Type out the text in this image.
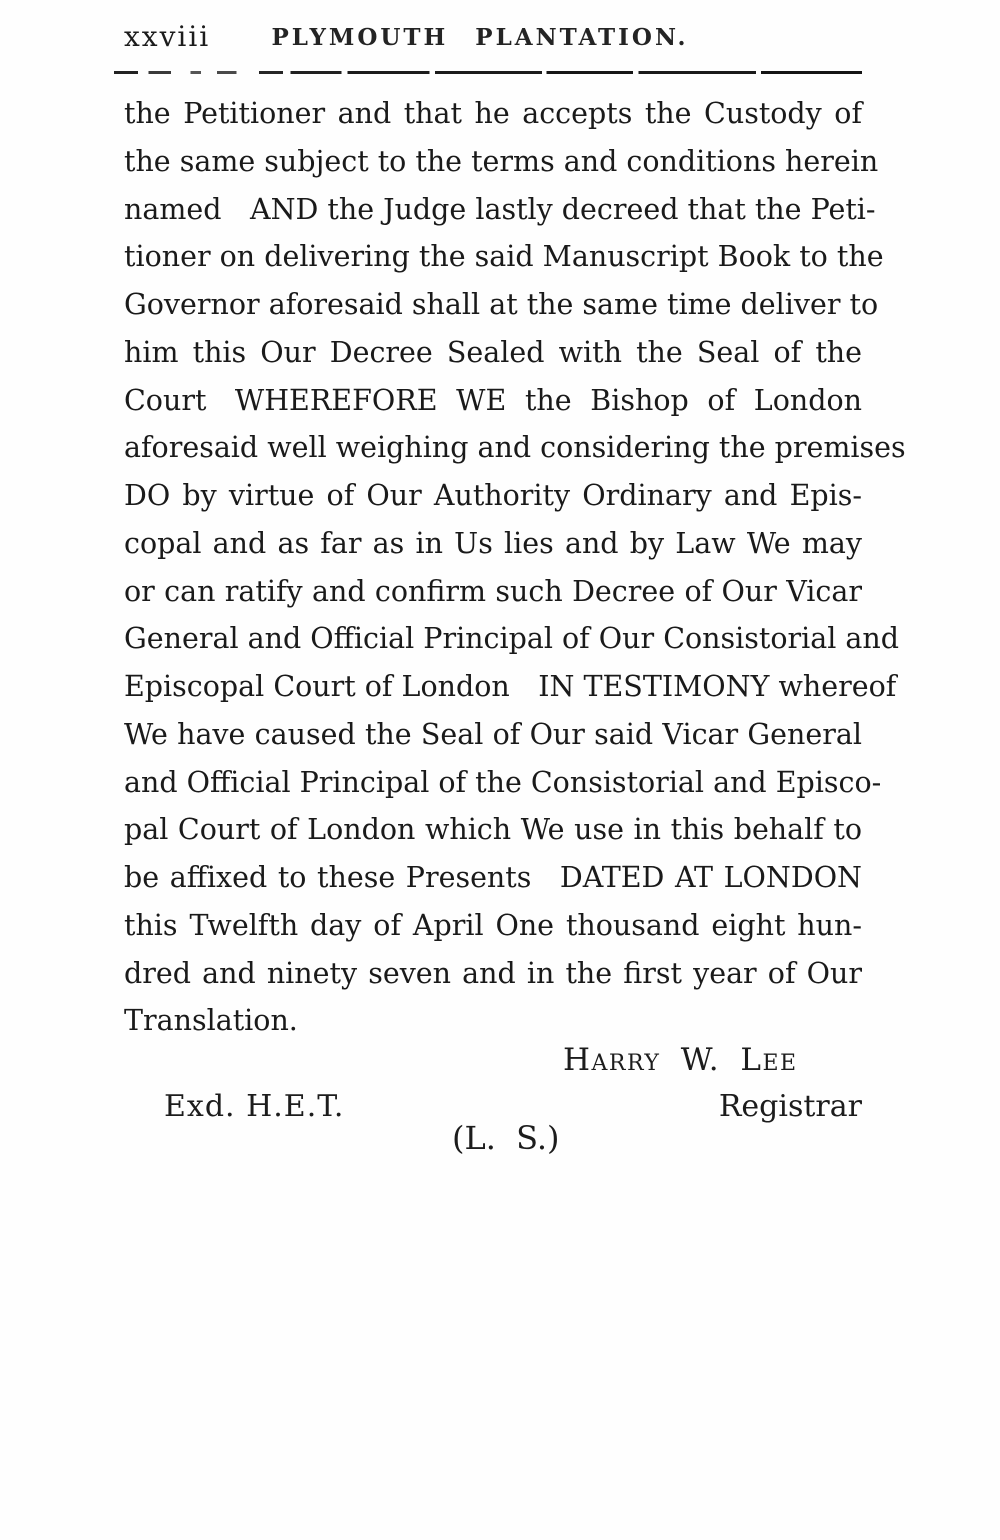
xxviii	PLYMOUTH PLANTATION.

the Petitioner and that he accepts the Custody of

the same subject to the terms and conditions herein

named AND the Judge lastly decreed that the Peti-

tioner on delivering the said Manuscript Book to the

Governor aforesaid shall at the same time deliver to

him this Our Decree Sealed with the Seal of the

Court WHEREFORE WE the Bishop of London

aforesaid well weighing and considering the premises

DO by virtue of Our Authority Ordinary and Epis-

copal and as far as in Us lies and by Law We may

or can ratify and confirm such Decree of Our Vicar

General and Official Principal of Our Consistorial and

Episcopal Court of London IN TESTIMONY whereof

We have caused the Seal of Our said Vicar General

and Official Principal of the Consistorial and Episco-

pal Court of London which We use in this behalf to

be affixed to these Presents DATED AT LONDON

this Twelfth day of April One thousand eight hun-

dred and ninety seven and in the first year of Our

Translation.

Harry W. Lee
Exd. H.E.T.	Registrar
(L. S.)
